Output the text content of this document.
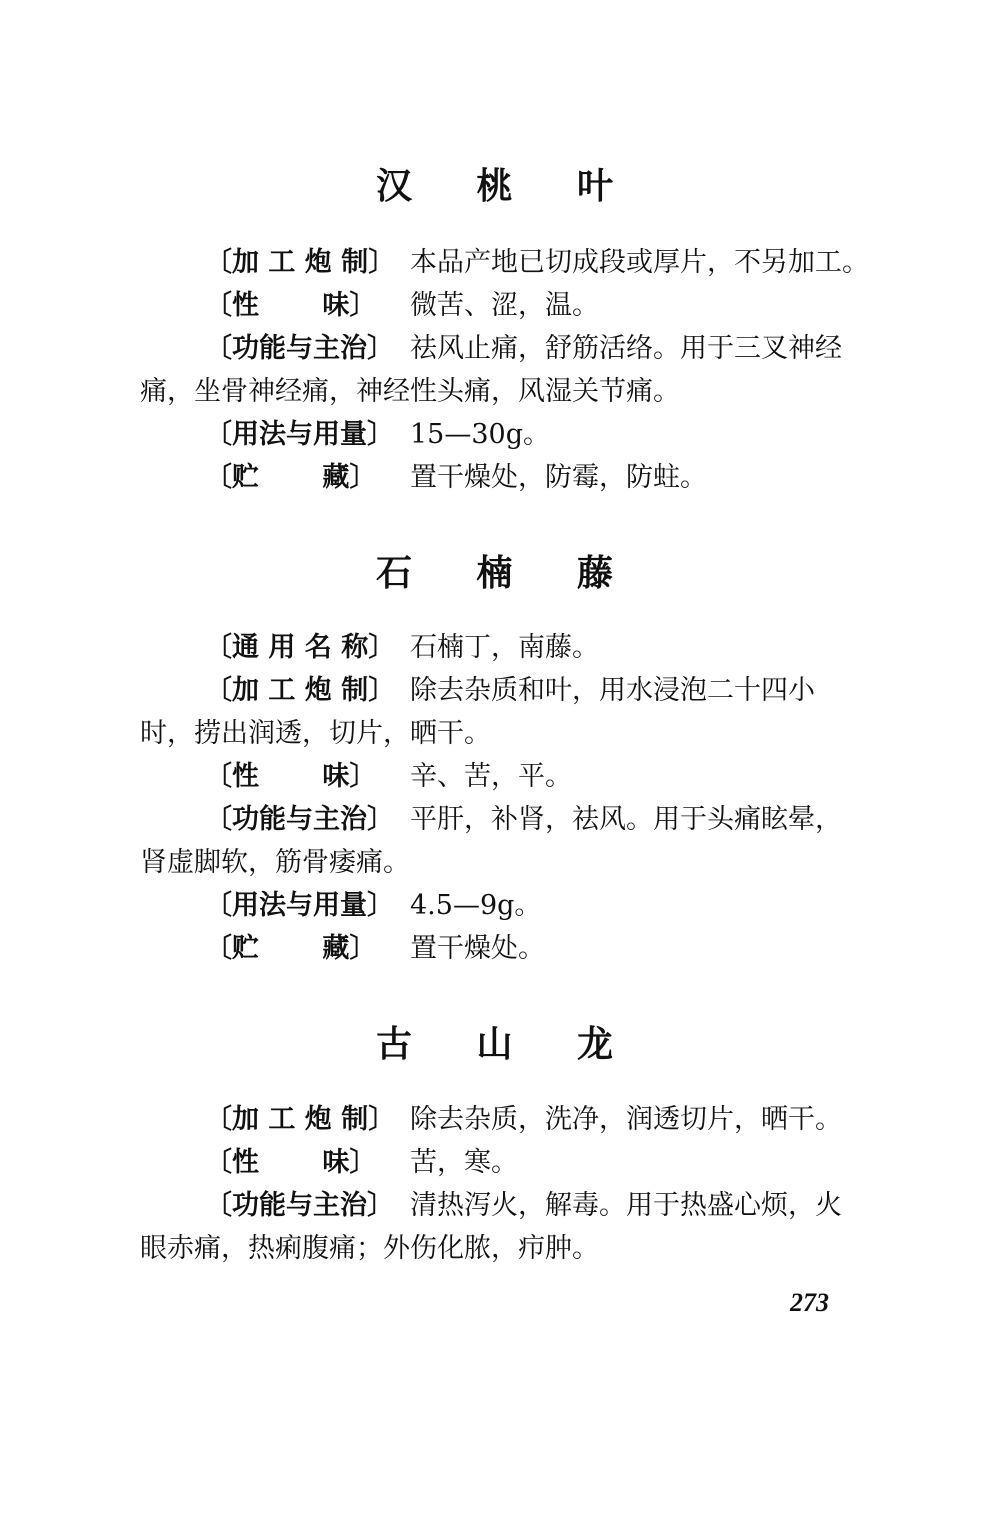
汉 桃 叶
〔加 工 炮 制〕 本品产地已切成段或厚片，不另加工。
〔性　　 味〕 微苦、涩，温。
〔功能与主治〕 祛风止痛，舒筋活络。用于三叉神经
痛，坐骨神经痛，神经性头痛，风湿关节痛。
〔用法与用量〕 15—30g。
〔贮　　 藏〕 置干燥处，防霉，防蛀。
石 楠 藤
〔通 用 名 称〕 石楠丁，南藤。
〔加 工 炮 制〕 除去杂质和叶，用水浸泡二十四小
时，捞出润透，切片，晒干。
〔性　　 味〕 辛、苦，平。
〔功能与主治〕 平肝，补肾，祛风。用于头痛眩晕，
肾虚脚软，筋骨痿痛。
〔用法与用量〕 4.5—9g。
〔贮　　 藏〕 置干燥处。
古 山 龙
〔加 工 炮 制〕 除去杂质，洗净，润透切片，晒干。
〔性　　 味〕 苦，寒。
〔功能与主治〕 清热泻火，解毒。用于热盛心烦，火
眼赤痛，热痢腹痛；外伤化脓，疖肿。
273
